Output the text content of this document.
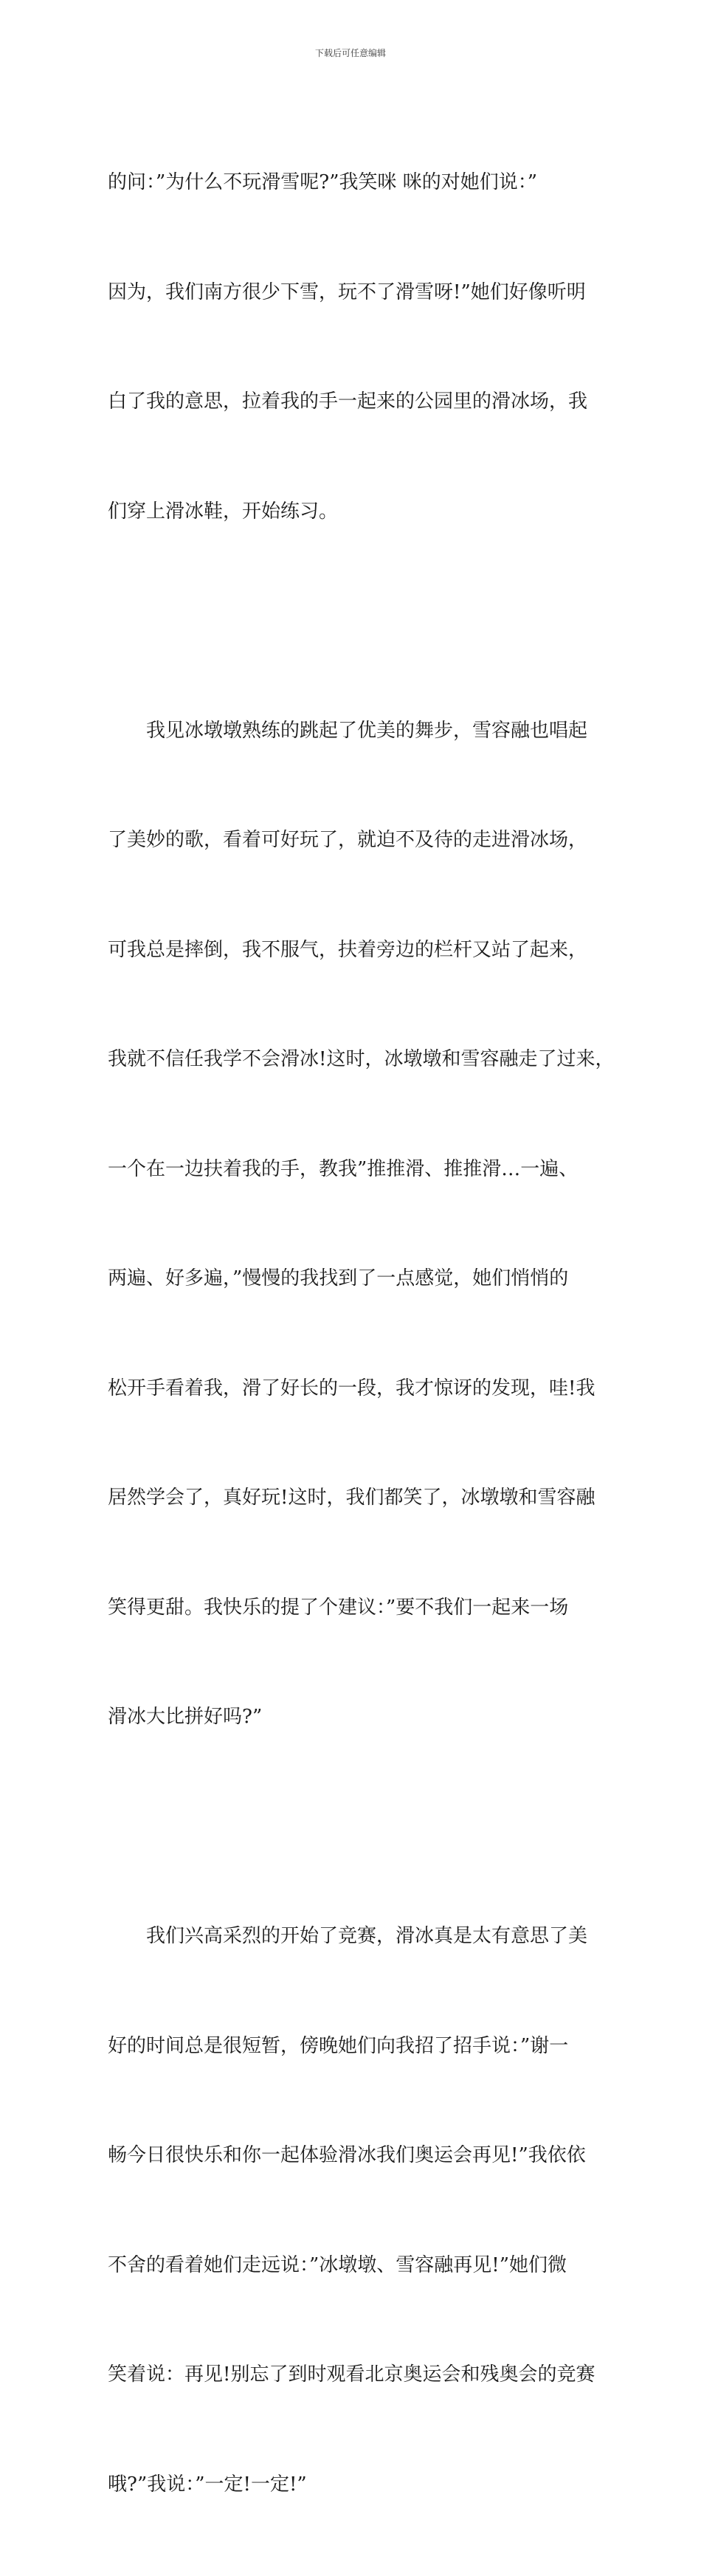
下载后可任意编辑

的问：”为什么不玩滑雪呢?”我笑咪 咪的对她们说：”

因为，我们南方很少下雪，玩不了滑雪呀!”她们好像听明

白了我的意思，拉着我的手一起来的公园里的滑冰场，我

们穿上滑冰鞋，开始练习。

　　我见冰墩墩熟练的跳起了优美的舞步，雪容融也唱起

了美妙的歌，看着可好玩了，就迫不及待的走进滑冰场，

可我总是摔倒，我不服气，扶着旁边的栏杆又站了起来，

我就不信任我学不会滑冰!这时，冰墩墩和雪容融走了过来，

一个在一边扶着我的手，教我”推推滑、推推滑…一遍、

两遍、好多遍，”慢慢的我找到了一点感觉，她们悄悄的

松开手看着我，滑了好长的一段，我才惊讶的发现，哇!我

居然学会了，真好玩!这时，我们都笑了，冰墩墩和雪容融

笑得更甜。我快乐的提了个建议：”要不我们一起来一场

滑冰大比拼好吗?”

　　我们兴高采烈的开始了竞赛，滑冰真是太有意思了美

好的时间总是很短暂，傍晚她们向我招了招手说：”谢一

畅今日很快乐和你一起体验滑冰我们奥运会再见!”我依依

不舍的看着她们走远说：”冰墩墩、雪容融再见!”她们微

笑着说：再见!别忘了到时观看北京奥运会和残奥会的竞赛

哦?”我说：”一定!一定!”
